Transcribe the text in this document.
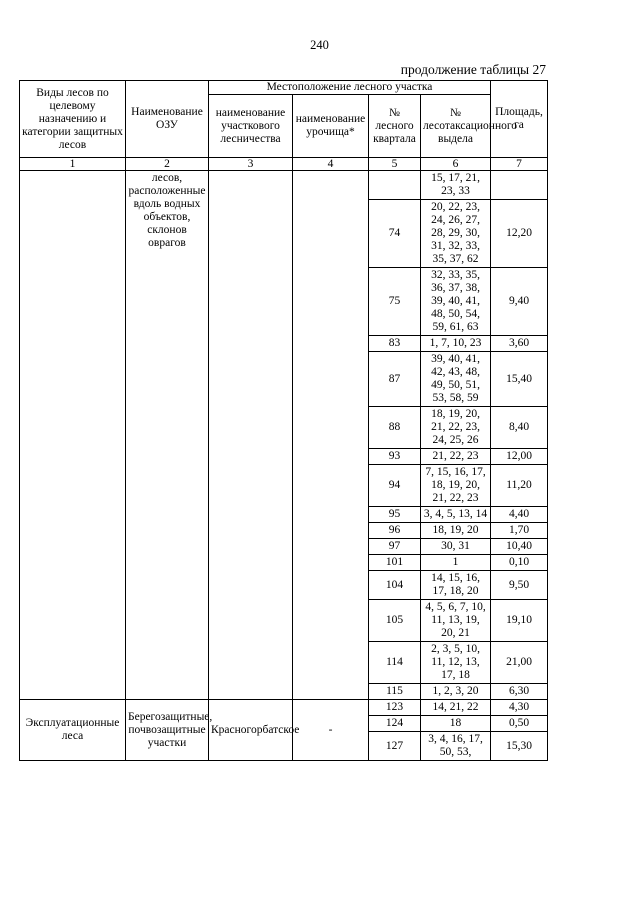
240
продолжение таблицы 27
Виды лесов по целевому назначению и категории защитных лесов	Наименование ОЗУ	Местоположение лесного участка				Площадь, га
		наименование участкового лесничества	наименование урочища*	№ лесного квартала	№ лесотаксационного выдела	
1	2	3	4	5	6	7
	лесов, расположенные вдоль водных объектов, склонов оврагов				15, 17, 21, 23, 33	
				74	20, 22, 23, 24, 26, 27, 28, 29, 30, 31, 32, 33, 35, 37, 62	12,20
				75	32, 33, 35, 36, 37, 38, 39, 40, 41, 48, 50, 54, 59, 61, 63	9,40
				83	1, 7, 10, 23	3,60
				87	39, 40, 41, 42, 43, 48, 49, 50, 51, 53, 58, 59	15,40
				88	18, 19, 20, 21, 22, 23, 24, 25, 26	8,40
				93	21, 22, 23	12,00
				94	7, 15, 16, 17, 18, 19, 20, 21, 22, 23	11,20
				95	3, 4, 5, 13, 14	4,40
				96	18, 19, 20	1,70
				97	30, 31	10,40
				101	1	0,10
				104	14, 15, 16, 17, 18, 20	9,50
				105	4, 5, 6, 7, 10, 11, 13, 19, 20, 21	19,10
				114	2, 3, 5, 10, 11, 12, 13, 17, 18	21,00
				115	1, 2, 3, 20	6,30
Эксплуатационные леса	Берегозащитные, почвозащитные участки	Красногорбатское	-	123	14, 21, 22	4,30
				124	18	0,50
				127	3, 4, 16, 17, 50, 53,	15,30
